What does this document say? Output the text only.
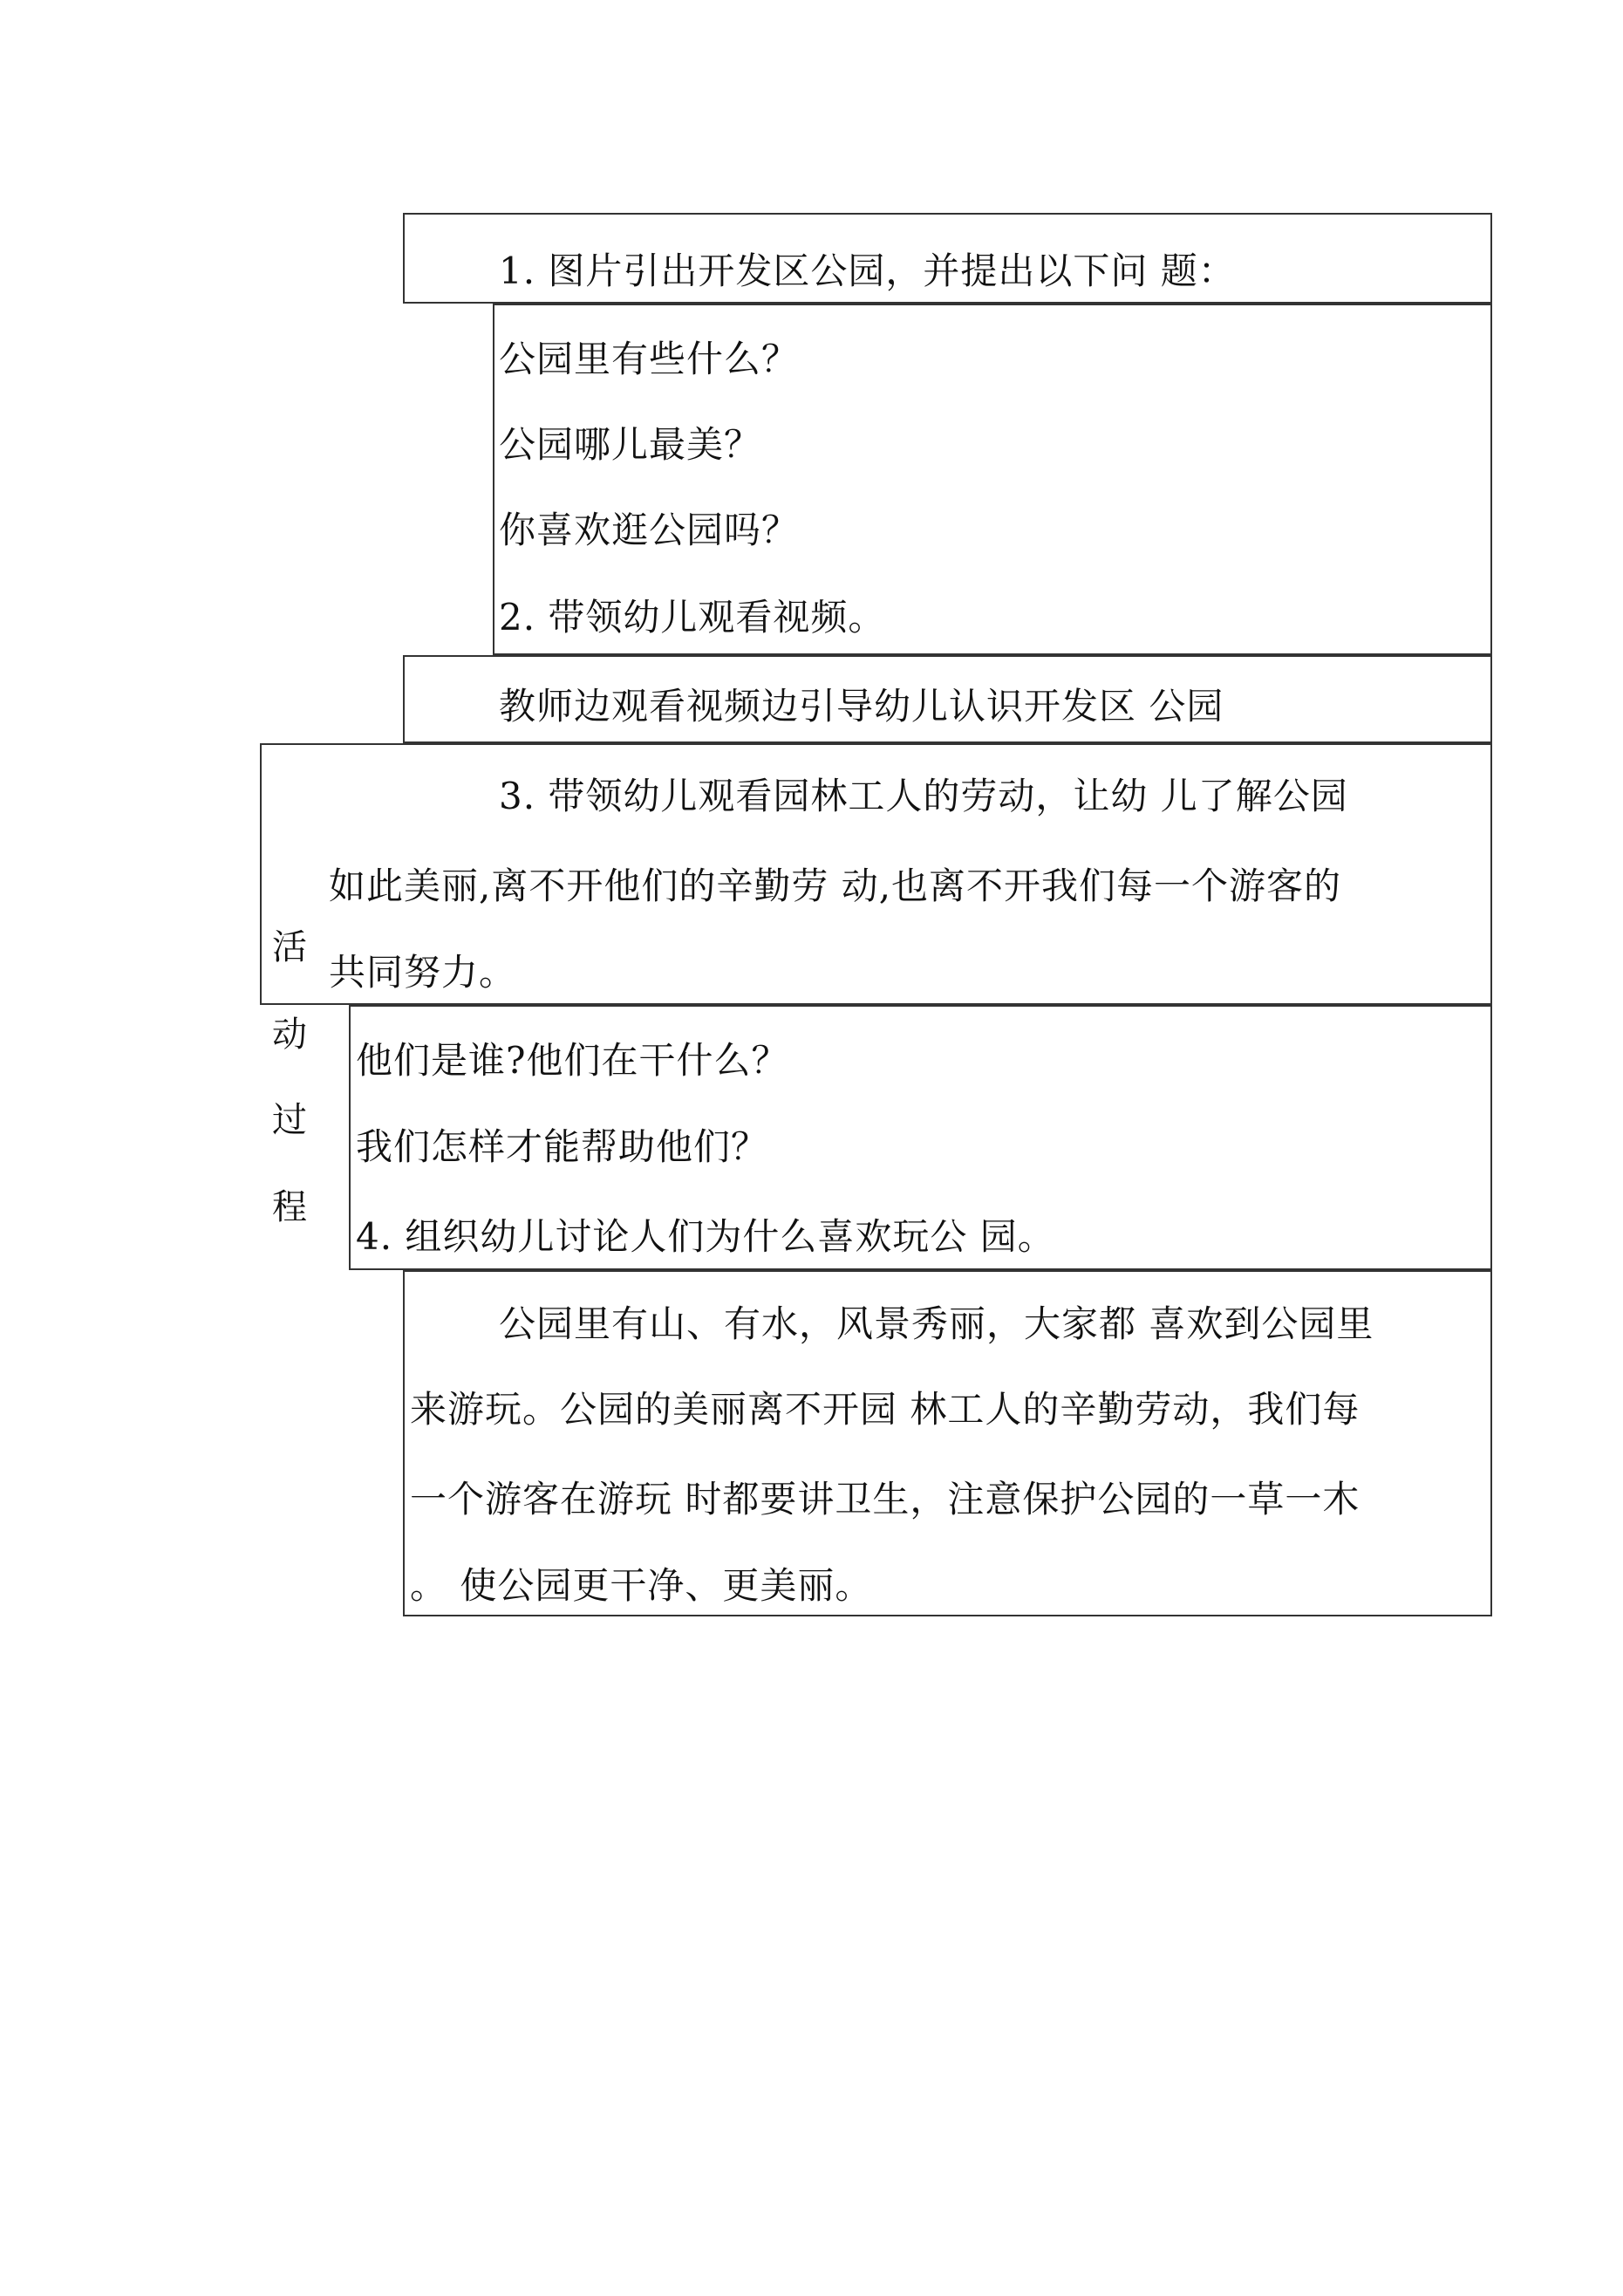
1. 图片引出开发区公园，并提出以下问 题：
公园里有些什么？
公园哪儿最美？
你喜欢逛公园吗？
2. 带领幼儿观看视频。
教师边观看视频边引导幼儿认识开发区 公园
3. 带领幼儿观看园林工人的劳动，让幼 儿了解公园
如此美丽,离不开他们的辛勤劳 动,也离不开我们每一个游客的
共同努力。
他们是谁?他们在干什么？
我们怎样才能帮助他们？
4. 组织幼儿讨论人们为什么喜欢玩公 园。
公园里有山、有水，风景秀丽，大家都 喜欢到公园里
来游玩。公园的美丽离不开园 林工人的辛勤劳动，我们每
一个游客在游玩 时都要讲卫生，注意保护公园的一草一木
。 使公园更干净、更美丽。
活
动
过
程
